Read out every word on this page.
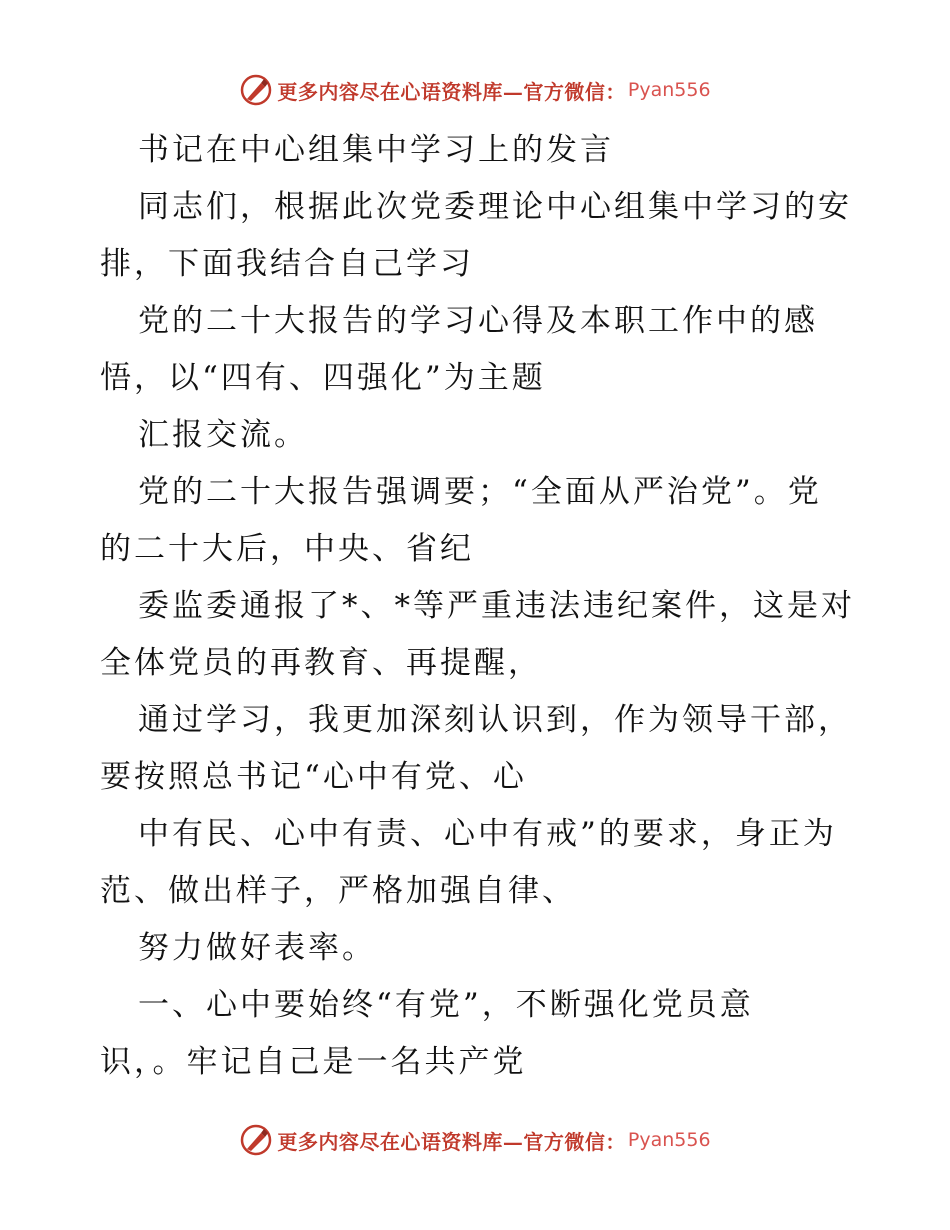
更多内容尽在心语资料库—官方微信： Pyan556
书记在中心组集中学习上的发言
同志们，根据此次党委理论中心组集中学习的安
排，下面我结合自己学习
党的二十大报告的学习心得及本职工作中的感
悟，以“四有、四强化”为主题
汇报交流。
党的二十大报告强调要；“全面从严治党”。党
的二十大后，中央、省纪
委监委通报了*、*等严重违法违纪案件，这是对
全体党员的再教育、再提醒，
通过学习，我更加深刻认识到，作为领导干部，
要按照总书记“心中有党、心
中有民、心中有责、心中有戒”的要求，身正为
范、做出样子，严格加强自律、
努力做好表率。
一、心中要始终“有党”，不断强化党员意
识，。牢记自己是一名共产党
更多内容尽在心语资料库—官方微信： Pyan556
